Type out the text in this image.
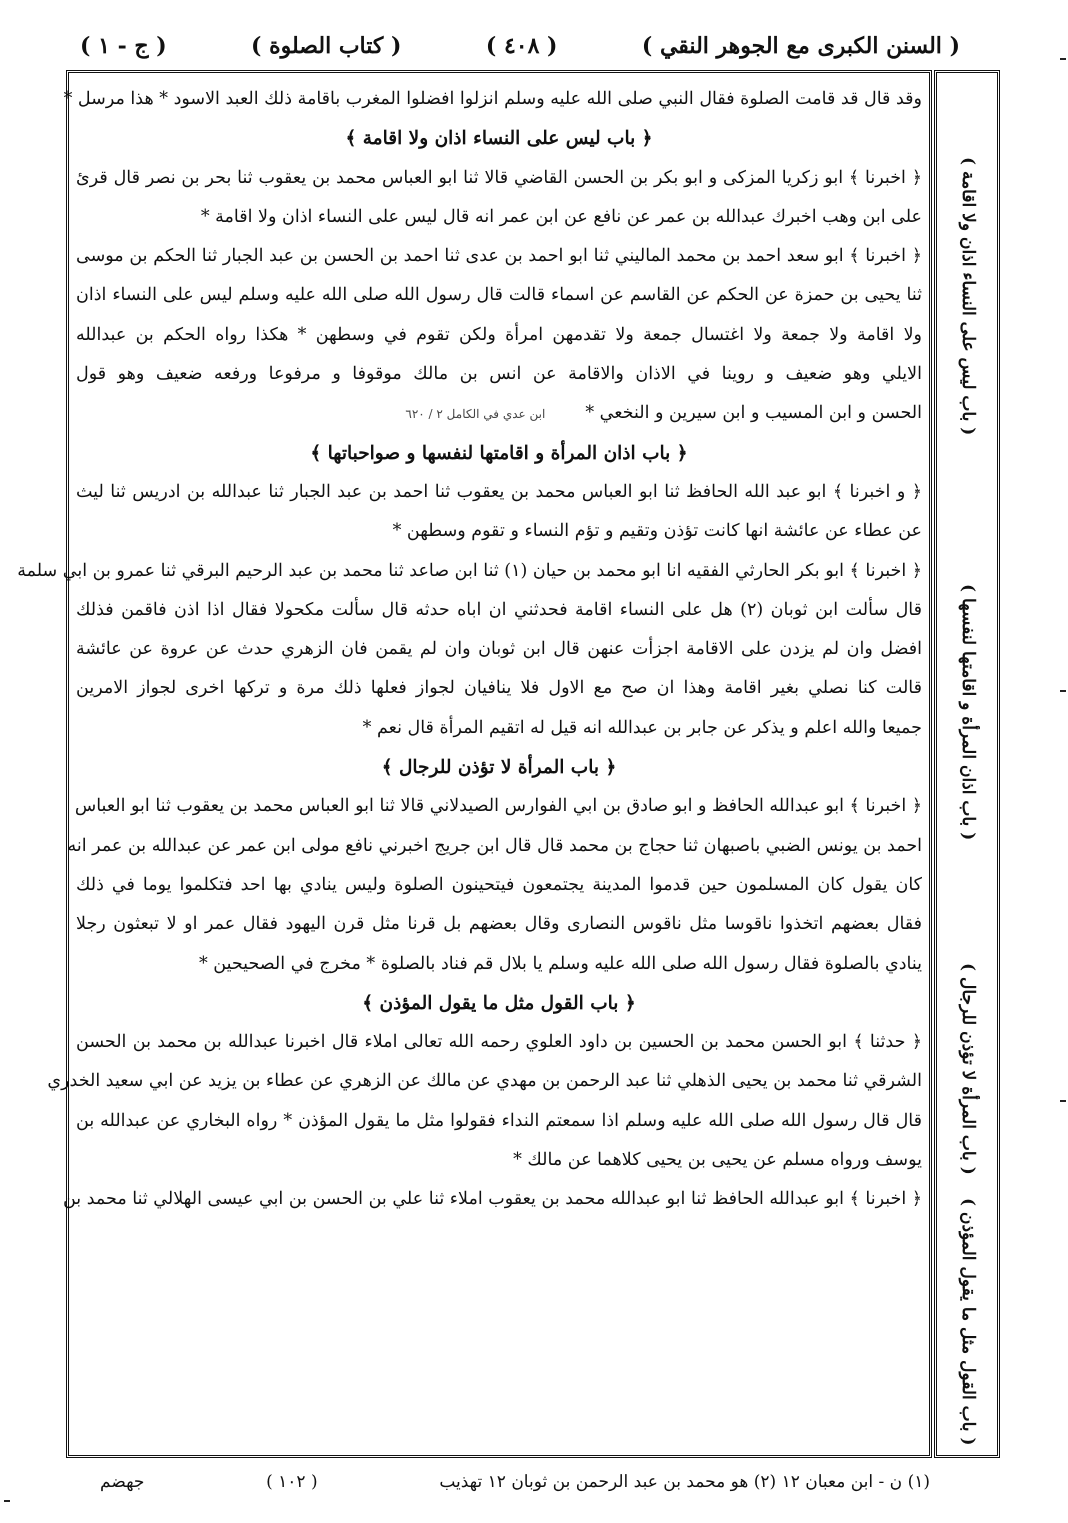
( السنن الكبرى مع الجوهر النقي )
( ٤٠٨ )
( كتاب الصلوة )
( ج - ١ )
وقد قال قد قامت الصلوة فقال النبي صلى الله عليه وسلم انزلوا افضلوا المغرب باقامة ذلك العبد الاسود * هذا مرسل *
﴿ باب ليس على النساء اذان ولا اقامة ﴾
﴿ اخبرنا ﴾ ابو زكريا المزكى و ابو بكر بن الحسن القاضي قالا ثنا ابو العباس محمد بن يعقوب ثنا بحر بن نصر قال قرئ
على ابن وهب اخبرك عبدالله بن عمر عن نافع عن ابن عمر انه قال ليس على النساء اذان ولا اقامة *
﴿ اخبرنا ﴾ ابو سعد احمد بن محمد الماليني ثنا ابو احمد بن عدى ثنا احمد بن الحسن بن عبد الجبار ثنا الحكم بن موسى
ثنا يحيى بن حمزة عن الحكم عن القاسم عن اسماء قالت قال رسول الله صلى الله عليه وسلم ليس على النساء اذان
ولا اقامة ولا جمعة ولا اغتسال جمعة ولا تقدمهن امرأة ولكن تقوم في وسطهن * هكذا رواه الحكم بن عبدالله
الايلي وهو ضعيف و روينا في الاذان والاقامة عن انس بن مالك موقوفا و مرفوعا ورفعه ضعيف وهو قول
الحسن و ابن المسيب و ابن سيرين و النخعي *ابن عدي في الكامل ٢ / ٦٢٠
﴿ باب اذان المرأة و اقامتها لنفسها و صواحباتها ﴾
﴿ و اخبرنا ﴾ ابو عبد الله الحافظ ثنا ابو العباس محمد بن يعقوب ثنا احمد بن عبد الجبار ثنا عبدالله بن ادريس ثنا ليث
عن عطاء عن عائشة انها كانت تؤذن وتقيم و تؤم النساء و تقوم وسطهن *
﴿ اخبرنا ﴾ ابو بكر الحارثي الفقيه انا ابو محمد بن حيان (١) ثنا ابن صاعد ثنا محمد بن عبد الرحيم البرقي ثنا عمرو بن ابي سلمة
قال سألت ابن ثوبان (٢) هل على النساء اقامة فحدثني ان اباه حدثه قال سألت مكحولا فقال اذا اذن فاقمن فذلك
افضل وان لم يزدن على الاقامة اجزأت عنهن قال ابن ثوبان وان لم يقمن فان الزهري حدث عن عروة عن عائشة
قالت كنا نصلي بغير اقامة وهذا ان صح مع الاول فلا ينافيان لجواز فعلها ذلك مرة و تركها اخرى لجواز الامرين
جميعا والله اعلم و يذكر عن جابر بن عبدالله انه قيل له اتقيم المرأة قال نعم *
﴿ باب المرأة لا تؤذن للرجال ﴾
﴿ اخبرنا ﴾ ابو عبدالله الحافظ و ابو صادق بن ابي الفوارس الصيدلاني قالا ثنا ابو العباس محمد بن يعقوب ثنا ابو العباس
احمد بن يونس الضبي باصبهان ثنا حجاج بن محمد قال قال ابن جريج اخبرني نافع مولى ابن عمر عن عبدالله بن عمر انه
كان يقول كان المسلمون حين قدموا المدينة يجتمعون فيتحينون الصلوة وليس ينادي بها احد فتكلموا يوما في ذلك
فقال بعضهم اتخذوا ناقوسا مثل ناقوس النصارى وقال بعضهم بل قرنا مثل قرن اليهود فقال عمر او لا تبعثون رجلا
ينادي بالصلوة فقال رسول الله صلى الله عليه وسلم يا بلال قم فناد بالصلوة * مخرج في الصحيحين *
﴿ باب القول مثل ما يقول المؤذن ﴾
﴿ حدثنا ﴾ ابو الحسن محمد بن الحسين بن داود العلوي رحمه الله تعالى املاء قال اخبرنا عبدالله بن محمد بن الحسن
الشرقي ثنا محمد بن يحيى الذهلي ثنا عبد الرحمن بن مهدي عن مالك عن الزهري عن عطاء بن يزيد عن ابي سعيد الخدري
قال قال رسول الله صلى الله عليه وسلم اذا سمعتم النداء فقولوا مثل ما يقول المؤذن * رواه البخاري عن عبدالله بن
يوسف ورواه مسلم عن يحيى بن يحيى كلاهما عن مالك *
﴿ اخبرنا ﴾ ابو عبدالله الحافظ ثنا ابو عبدالله محمد بن يعقوب املاء ثنا علي بن الحسن بن ابي عيسى الهلالي ثنا محمد بن
( باب ليس على النساء اذان ولا اقامة )
( باب اذان المرأة و اقامتها لنفسها )
( باب المرأة لا تؤذن للرجال )
( باب القول مثل ما يقول المؤذن )
(١) ن - ابن معبان ١٢ (٢) هو محمد بن عبد الرحمن بن ثوبان ١٢ تهذيب
( ١٠٢ )
جهضم
